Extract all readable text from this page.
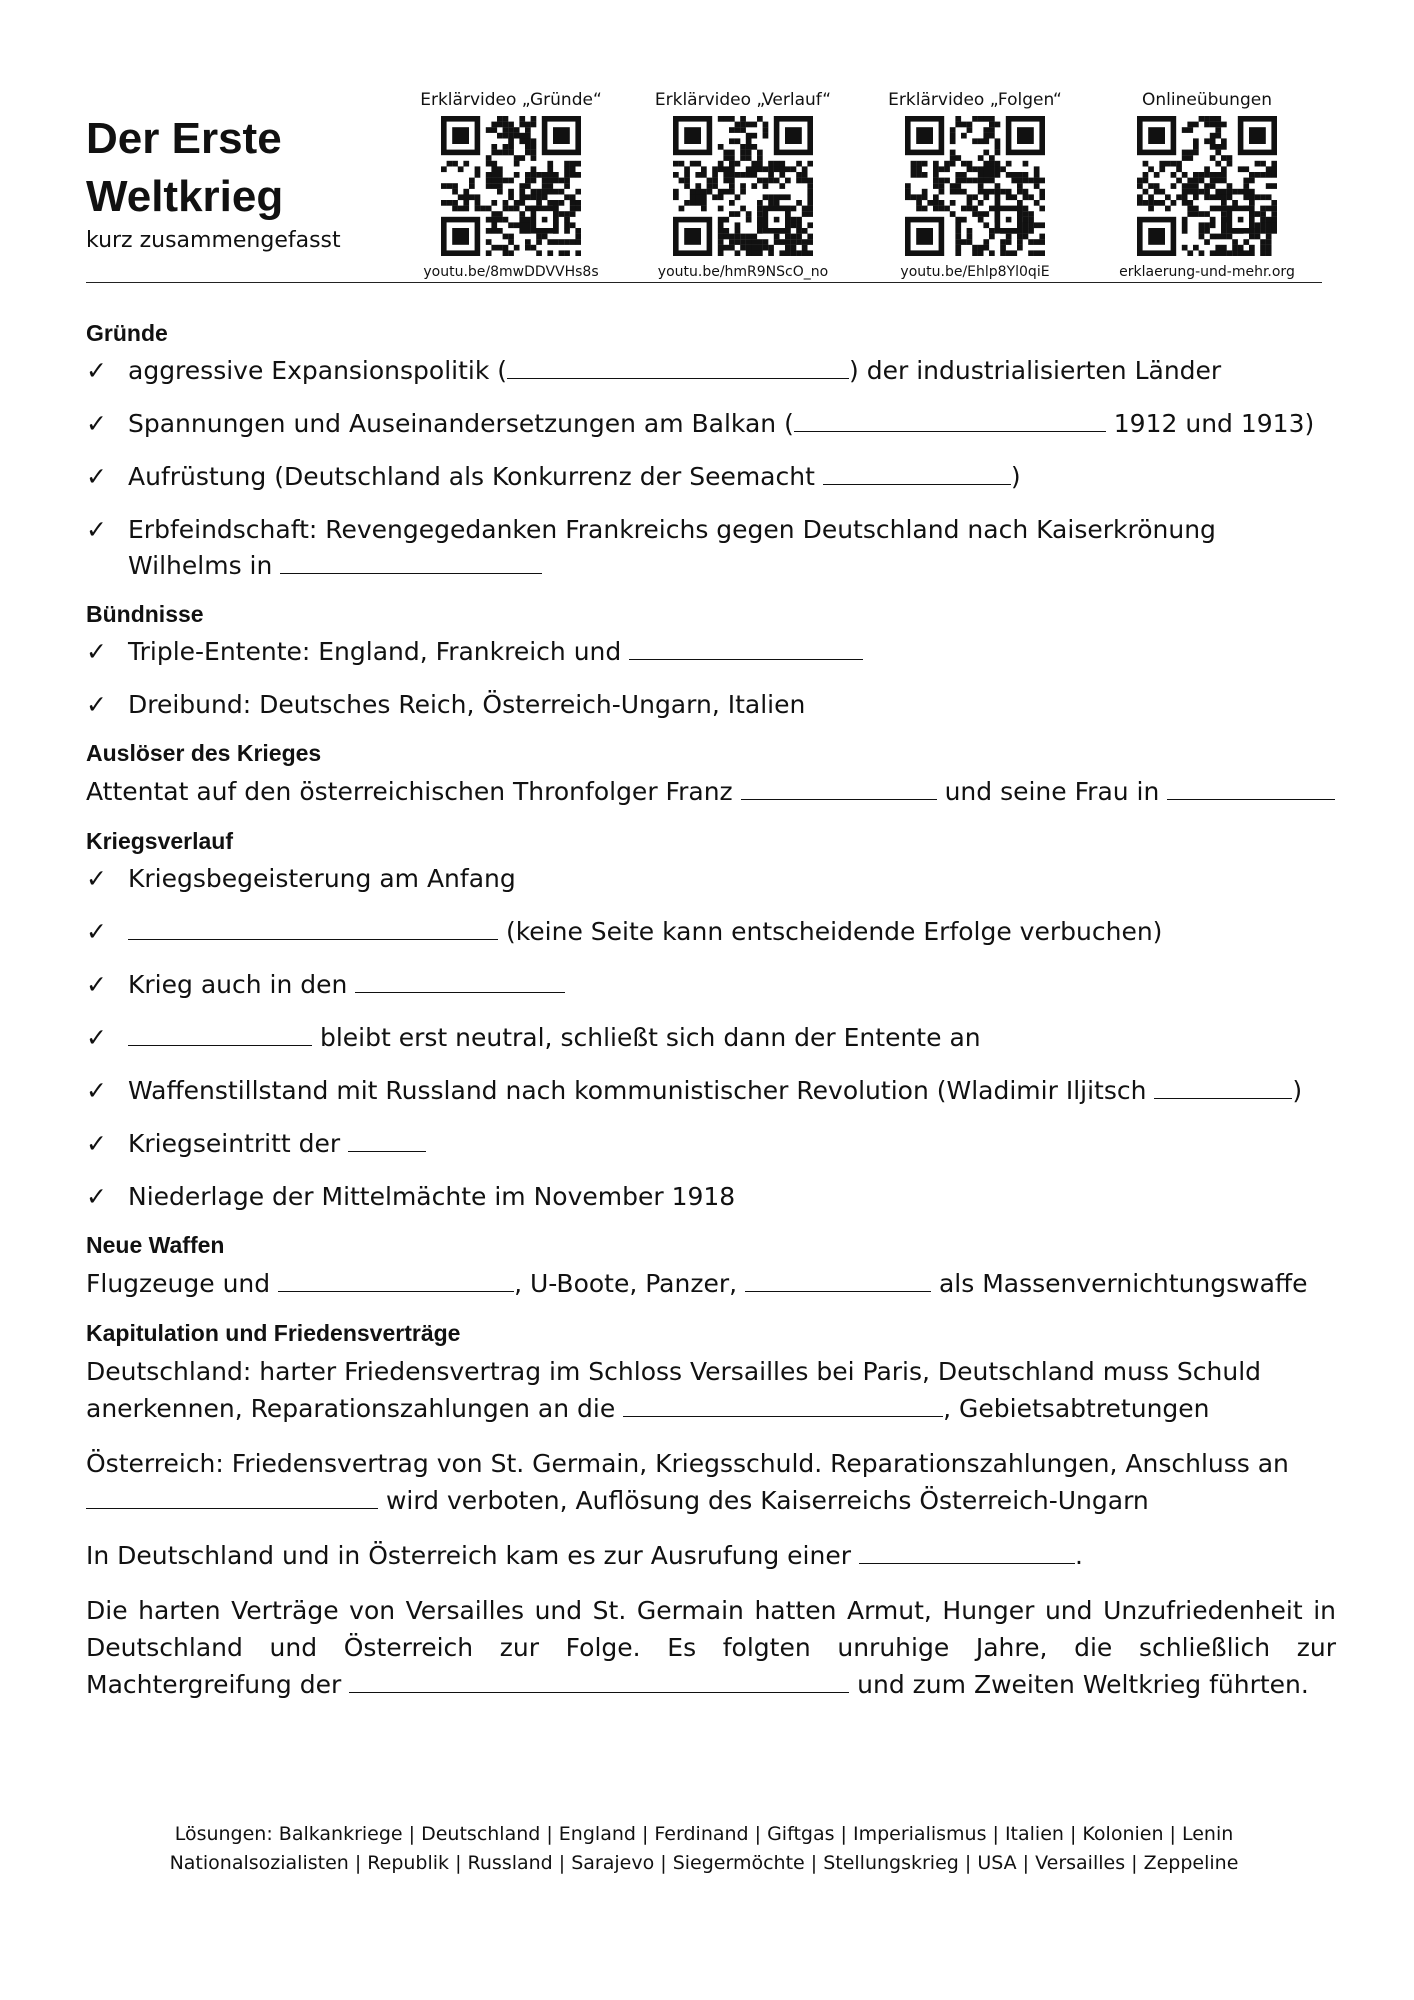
Der Erste
Weltkrieg
kurz zusammengefasst
Erklärvideo „Gründe“
youtu.be/8mwDDVVHs8s
Erklärvideo „Verlauf“
youtu.be/hmR9NScO_no
Erklärvideo „Folgen“
youtu.be/Ehlp8Yl0qiE
Onlineübungen
erklaerung-und-mehr.org
Gründe
✓ aggressive Expansionspolitik (	) der industrialisierten Länder
✓ Spannungen und Auseinandersetzungen am Balkan (	1912 und 1913)
✓ Aufrüstung (Deutschland als Konkurrenz der Seemacht	)
✓ Erbfeindschaft: Revengegedanken Frankreichs gegen Deutschland nach Kaiserkrönung Wilhelms in
Bündnisse
✓ Triple-Entente: England, Frankreich und
✓ Dreibund: Deutsches Reich, Österreich-Ungarn, Italien
Auslöser des Krieges
Attentat auf den österreichischen Thronfolger Franz	und seine Frau in
Kriegsverlauf
✓ Kriegsbegeisterung am Anfang
✓	(keine Seite kann entscheidende Erfolge verbuchen)
✓ Krieg auch in den
✓	bleibt erst neutral, schließt sich dann der Entente an
✓ Waffenstillstand mit Russland nach kommunistischer Revolution (Wladimir Iljitsch	)
✓ Kriegseintritt der
✓ Niederlage der Mittelmächte im November 1918
Neue Waffen
Flugzeuge und	, U-Boote, Panzer,	als Massenvernichtungswaffe
Kapitulation und Friedensverträge
Deutschland: harter Friedensvertrag im Schloss Versailles bei Paris, Deutschland muss Schuld anerkennen, Reparationszahlungen an die	, Gebietsabtretungen
Österreich: Friedensvertrag von St. Germain, Kriegsschuld. Reparationszahlungen, Anschluss an  wird verboten, Auflösung des Kaiserreichs Österreich-Ungarn
In Deutschland und in Österreich kam es zur Ausrufung einer	.
Die harten Verträge von Versailles und St. Germain hatten Armut, Hunger und Unzufriedenheit in Deutschland und Österreich zur Folge. Es folgten unruhige Jahre, die schließlich zur Machtergreifung der	und zum Zweiten Weltkrieg führten.
Lösungen: Balkankriege | Deutschland | England | Ferdinand | Giftgas | Imperialismus | Italien | Kolonien | Lenin
Nationalsozialisten | Republik | Russland | Sarajevo | Siegermöchte | Stellungskrieg | USA | Versailles | Zeppeline
